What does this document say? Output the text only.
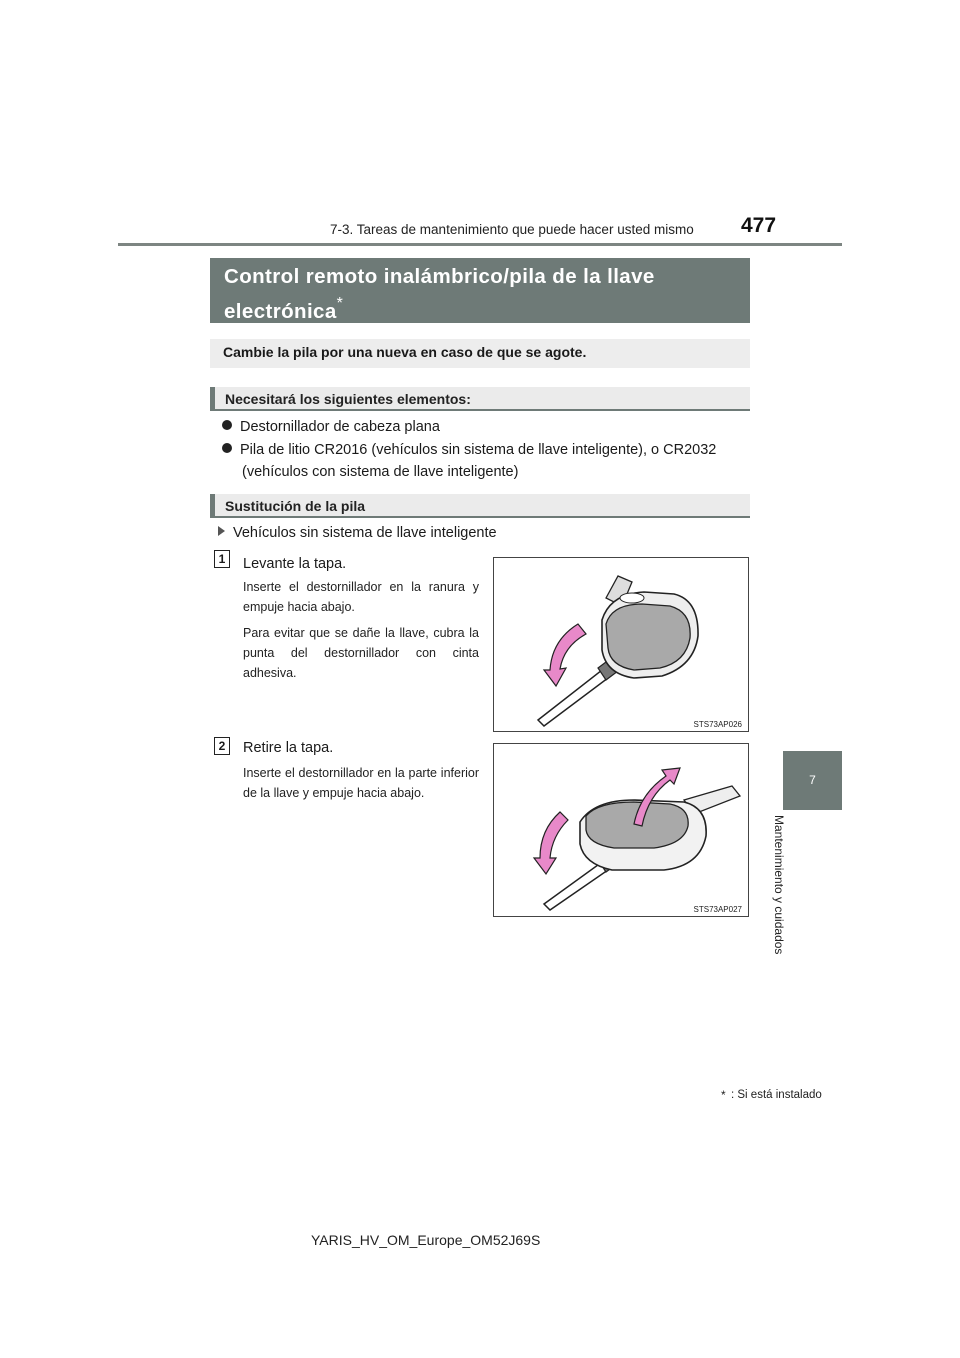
7-3. Tareas de mantenimiento que puede hacer usted mismo 477
7
Mantenimiento y cuidados
Control remoto inalámbrico/pila de la llave
electrónica*
Cambie la pila por una nueva en caso de que se agote.
Necesitará los siguientes elementos:
Destornillador de cabeza plana
Pila de litio CR2016 (vehículos sin sistema de llave inteligente), o CR2032
(vehículos con sistema de llave inteligente)
Sustitución de la pila
Vehículos sin sistema de llave inteligente
1	Levante la tapa.

Inserte el destornillador en la ranura y empuje hacia abajo.

Para evitar que se dañe la llave, cubra la punta del destornillador con cinta adhesiva.

STS73AP026
2	Retire la tapa.

Inserte el destornillador en la parte inferior de la llave y empuje hacia abajo.

STS73AP027
* : Si está instalado
YARIS_HV_OM_Europe_OM52J69S
